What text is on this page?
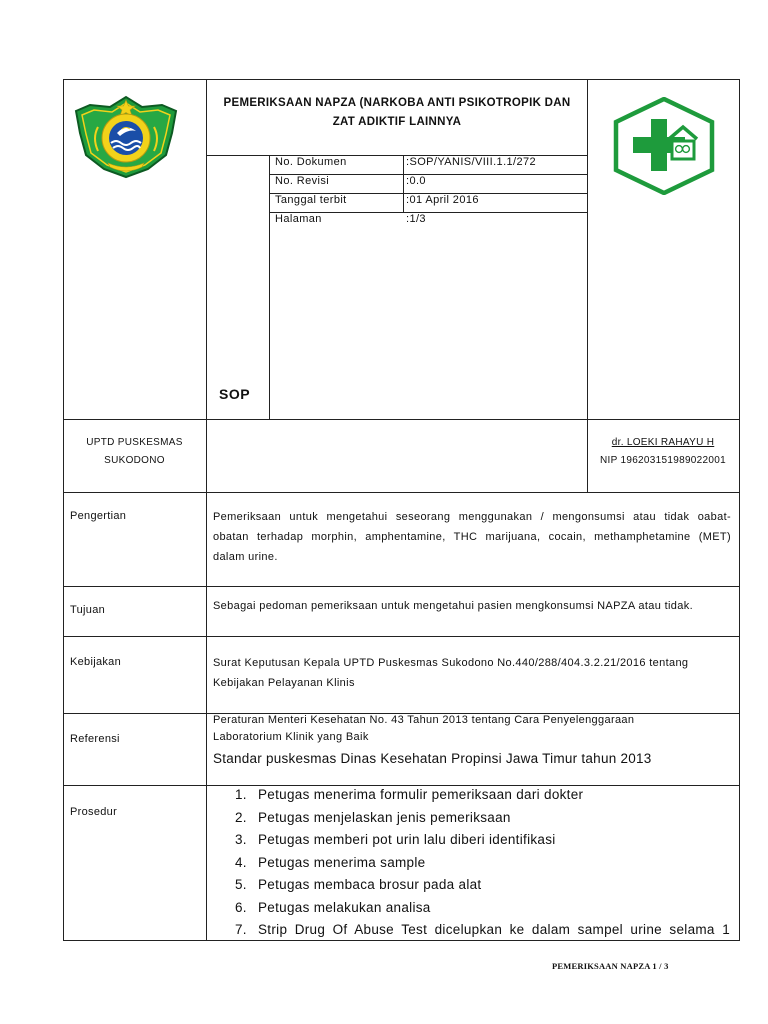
PEMERIKSAAN NAPZA (NARKOBA ANTI PSIKOTROPIK DAN
ZAT ADIKTIF LAINNYA
No. Dokumen	:SOP/YANIS/VIII.1.1/272
No. Revisi	:0.0
Tanggal terbit	:01 April 2016
Halaman	:1/3
SOP
UPTD PUSKESMAS
SUKODONO
dr. LOEKI RAHAYU H
NIP 196203151989022001
Pengertian	Pemeriksaan untuk mengetahui seseorang menggunakan / mengonsumsi atau tidak oabat-
obatan terhadap morphin, amphentamine, THC marijuana, cocain, methamphetamine (MET)
dalam urine.
Tujuan	Sebagai pedoman pemeriksaan untuk mengetahui pasien mengkonsumsi NAPZA atau tidak.
Kebijakan	Surat Keputusan Kepala UPTD Puskesmas Sukodono No.440/288/404.3.2.21/2016 tentang
Kebijakan Pelayanan Klinis
Referensi
Peraturan Menteri Kesehatan No. 43 Tahun 2013 tentang Cara Penyelenggaraan
Laboratorium Klinik yang Baik
Standar puskesmas Dinas Kesehatan Propinsi Jawa Timur tahun 2013
Prosedur
1. Petugas menerima formulir pemeriksaan dari dokter
2. Petugas menjelaskan jenis pemeriksaan
3. Petugas memberi pot urin lalu diberi identifikasi
4. Petugas menerima sample
5. Petugas membaca brosur pada alat
6. Petugas melakukan analisa
7. Strip Drug Of Abuse Test dicelupkan ke dalam sampel urine selama 1
PEMERIKSAAN NAPZA 1 / 3
